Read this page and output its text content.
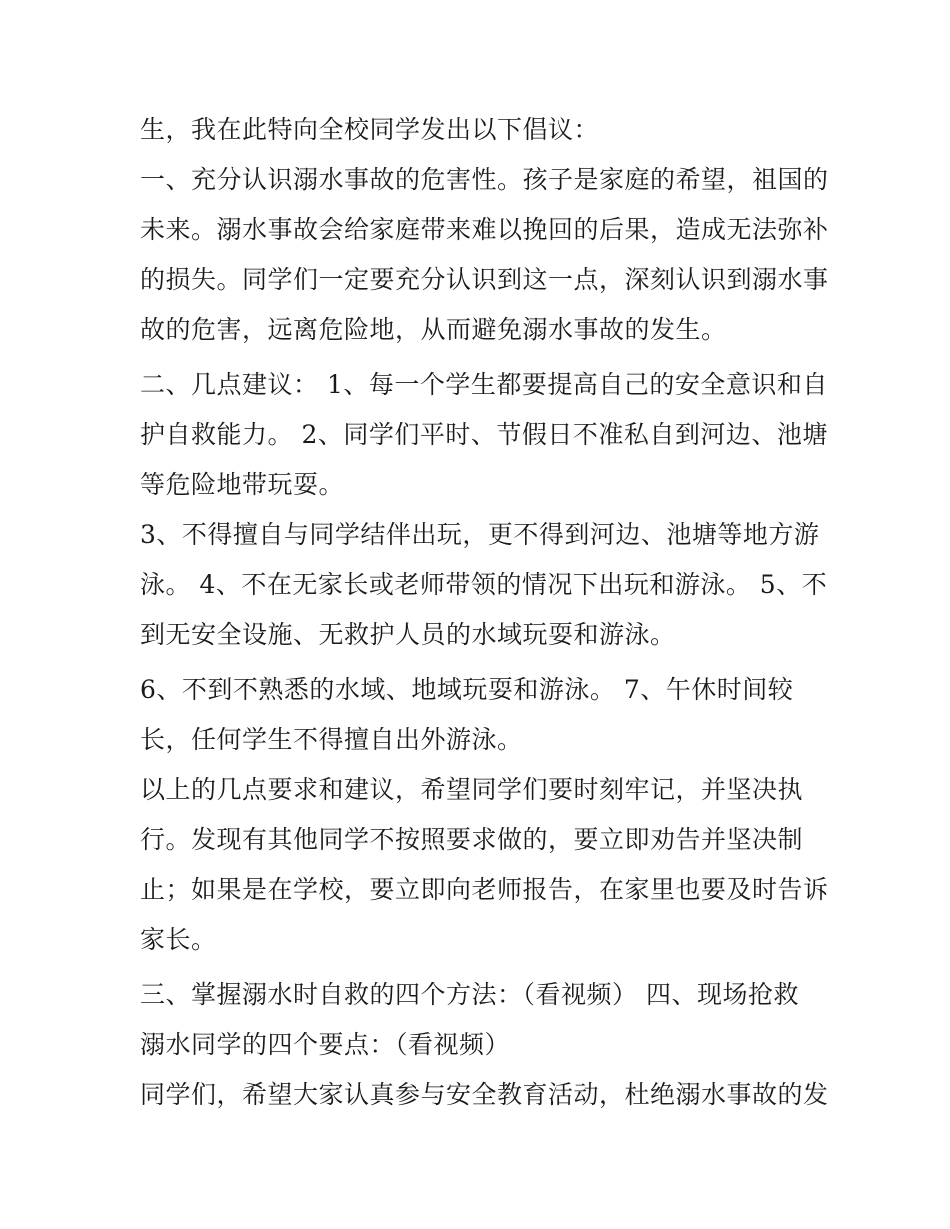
生，我在此特向全校同学发出以下倡议：

一、充分认识溺水事故的危害性。孩子是家庭的希望，祖国的

未来。溺水事故会给家庭带来难以挽回的后果，造成无法弥补

的损失。同学们一定要充分认识到这一点，深刻认识到溺水事

故的危害，远离危险地，从而避免溺水事故的发生。

二、几点建议： 1、每一个学生都要提高自己的安全意识和自

护自救能力。 2、同学们平时、节假日不准私自到河边、池塘

等危险地带玩耍。

3、不得擅自与同学结伴出玩，更不得到河边、池塘等地方游

泳。 4、不在无家长或老师带领的情况下出玩和游泳。 5、不

到无安全设施、无救护人员的水域玩耍和游泳。

6、不到不熟悉的水域、地域玩耍和游泳。 7、午休时间较

长，任何学生不得擅自出外游泳。

以上的几点要求和建议，希望同学们要时刻牢记，并坚决执

行。发现有其他同学不按照要求做的，要立即劝告并坚决制

止；如果是在学校，要立即向老师报告，在家里也要及时告诉

家长。

三、掌握溺水时自救的四个方法：（看视频） 四、现场抢救

溺水同学的四个要点：（看视频）

同学们，希望大家认真参与安全教育活动，杜绝溺水事故的发
